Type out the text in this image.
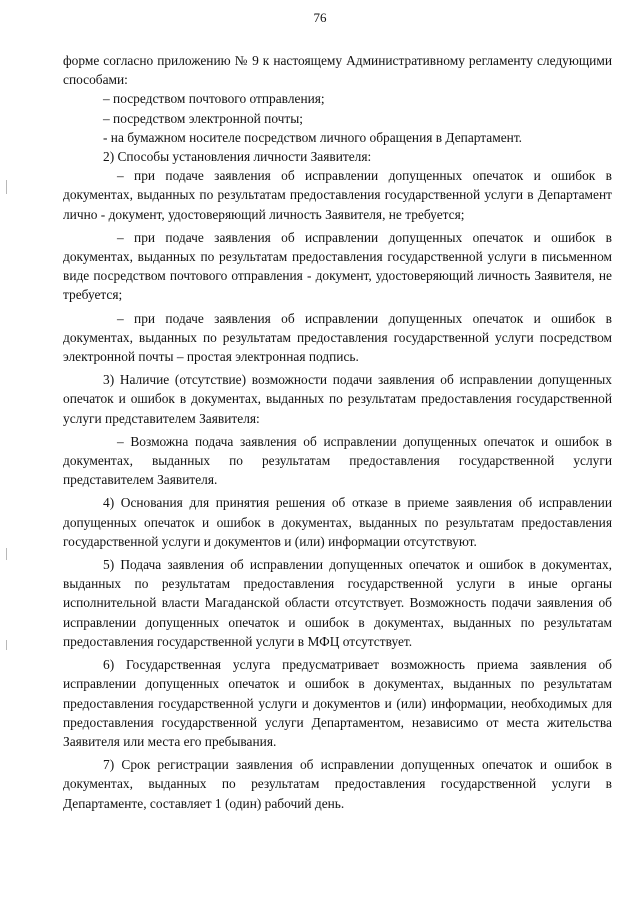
76

форме согласно приложению № 9 к настоящему Административному регламенту следующими способами:

– посредством почтового отправления;

– посредством электронной почты;

- на бумажном носителе посредством личного обращения в Департамент.

2) Способы установления личности Заявителя:

– при подаче заявления об исправлении допущенных опечаток и ошибок в документах, выданных по результатам предоставления государственной услуги в Департамент лично - документ, удостоверяющий личность Заявителя, не требуется;

– при подаче заявления об исправлении допущенных опечаток и ошибок в документах, выданных по результатам предоставления государственной услуги в письменном виде посредством почтового отправления - документ, удостоверяющий личность Заявителя, не требуется;

– при подаче заявления об исправлении допущенных опечаток и ошибок в документах, выданных по результатам предоставления государственной услуги посредством электронной почты – простая электронная подпись.

3) Наличие (отсутствие) возможности подачи заявления об исправлении допущенных опечаток и ошибок в документах, выданных по результатам предоставления государственной услуги представителем Заявителя:

– Возможна подача заявления об исправлении допущенных опечаток и ошибок в документах, выданных по результатам предоставления государственной услуги представителем Заявителя.

4) Основания для принятия решения об отказе в приеме заявления об исправлении допущенных опечаток и ошибок в документах, выданных по результатам предоставления государственной услуги и документов и (или) информации отсутствуют.

5) Подача заявления об исправлении допущенных опечаток и ошибок в документах, выданных по результатам предоставления государственной услуги в иные органы исполнительной власти Магаданской области отсутствует. Возможность подачи заявления об исправлении допущенных опечаток и ошибок в документах, выданных по результатам предоставления государственной услуги в МФЦ отсутствует.

6) Государственная услуга предусматривает возможность приема заявления об исправлении допущенных опечаток и ошибок в документах, выданных по результатам предоставления государственной услуги и документов и (или) информации, необходимых для предоставления государственной услуги Департаментом, независимо от места жительства Заявителя или места его пребывания.

7) Срок регистрации заявления об исправлении допущенных опечаток и ошибок в документах, выданных по результатам предоставления государственной услуги в Департаменте, составляет 1 (один) рабочий день.
